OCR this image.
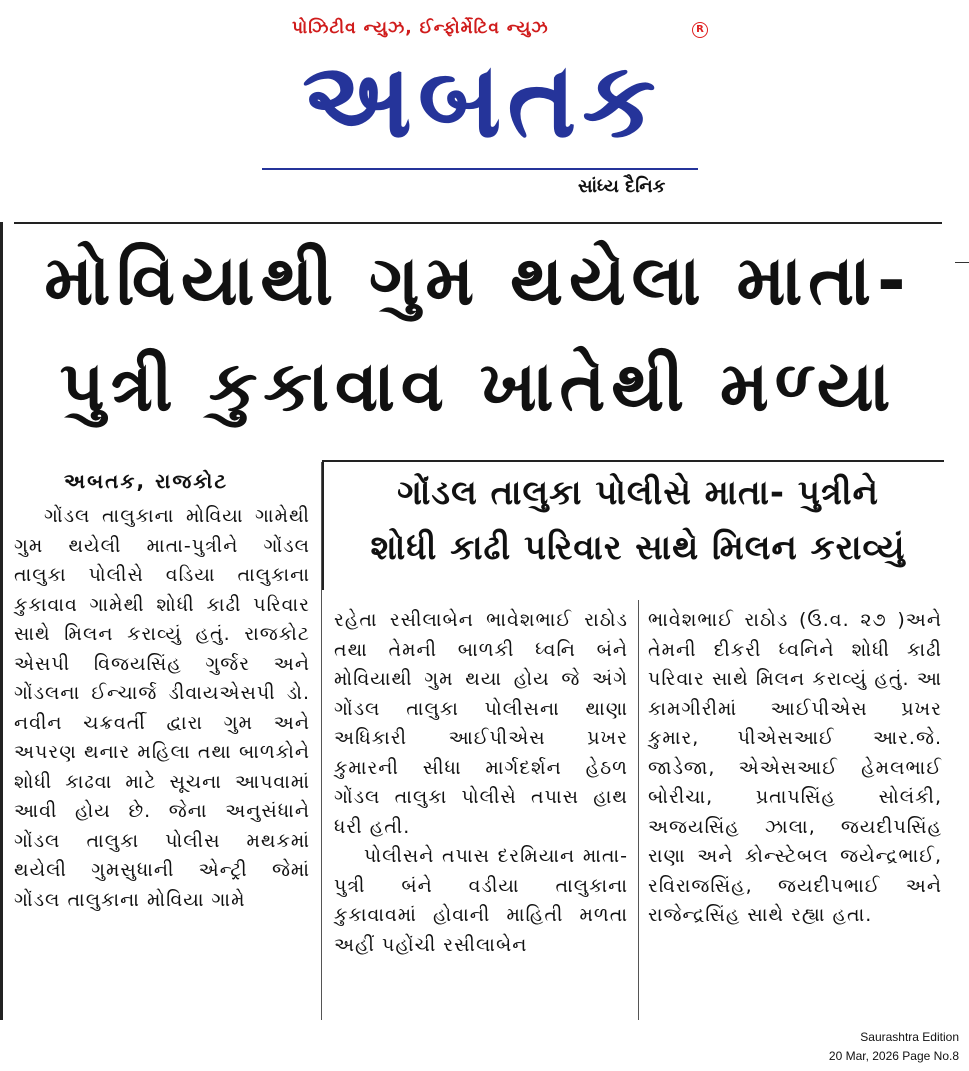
પોઝિટીવ ન્યુઝ, ઈન્ફોર્મેટિવ ન્યુઝ	R
અબતક
સાંધ્ય દૈનિક
મોવિયાથી ગુમ થયેલા માતા-
પુત્રી કુકાવાવ ખાતેથી મળ્યા
અબતક, રાજકોટ	ગોંડલ તાલુકા પોલીસે માતા- પુત્રીને
શોધી કાઢી પરિવાર સાથે મિલન કરાવ્યું

ગોંડલ તાલુકાના મોવિયા ગામેથી ગુમ થયેલી માતા-પુત્રીને ગોંડલ તાલુકા પોલીસે વડિયા તાલુકાના કુકાવાવ ગામેથી શોધી કાઢી પરિવાર સાથે મિલન કરાવ્યું હતું. રાજકોટ એસપી વિજયસિંહ ગુર્જર અને ગોંડલના ઈન્ચાર્જ ડીવાયએસપી ડો. નવીન ચક્રવર્તી દ્વારા ગુમ અને અપરણ થનાર મહિલા તથા બાળકોને શોધી કાઢવા માટે સૂચના આપવામાં આવી હોય છે. જેના અનુસંધાને ગોંડલ તાલુકા પોલીસ મથકમાં થયેલી ગુમસુધાની એન્ટ્રી જેમાં ગોંડલ તાલુકાના મોવિયા ગામે

રહેતા રસીલાબેન ભાવેશભાઈ રાઠોડ તથા તેમની બાળકી ધ્વનિ બંને મોવિયાથી ગુમ થયા હોય જે અંગે ગોંડલ તાલુકા પોલીસના થાણા અધિકારી આઈપીએસ પ્રખર કુમારની સીધા માર્ગદર્શન હેઠળ ગોંડલ તાલુકા પોલીસે તપાસ હાથ ધરી હતી.

પોલીસને તપાસ દરમિયાન માતા-પુત્રી બંને વડીયા તાલુકાના કુકાવાવમાં હોવાની માહિતી મળતા અહીં પહોંચી રસીલાબેન

ભાવેશભાઈ રાઠોડ (ઉ.વ. ૨૭ )અને તેમની દીકરી ધ્વનિને શોધી કાઢી પરિવાર સાથે મિલન કરાવ્યું હતું. આ કામગીરીમાં આઈપીએસ પ્રખર કુમાર, પીએસઆઈ આર.જે. જાડેજા, એએસઆઈ હેમલભાઈ બોરીચા, પ્રતાપસિંહ સોલંકી, અજયસિંહ ઝાલા, જયદીપસિંહ રાણા અને કોન્સ્ટેબલ જયેન્દ્રભાઈ, રવિરાજસિંહ, જયદીપભાઈ અને રાજેન્દ્રસિંહ સાથે રહ્યા હતા.

Saurashtra Edition
20 Mar, 2026 Page No.8
